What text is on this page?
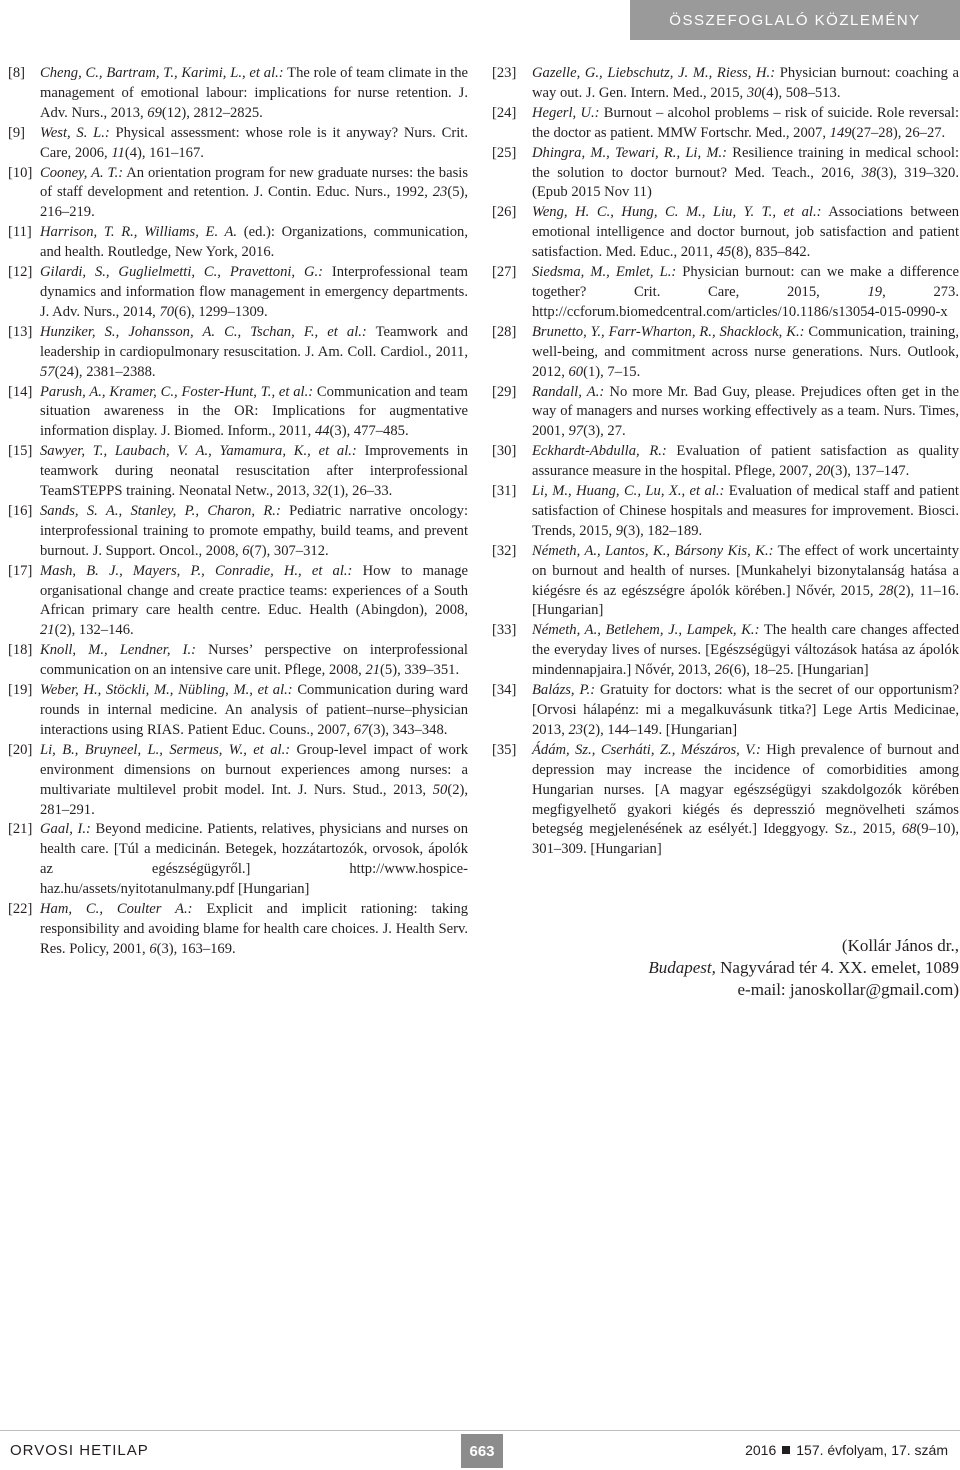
ÖSSZEFOGLALÓ KÖZLEMÉNY
[8] Cheng, C., Bartram, T., Karimi, L., et al.: The role of team climate in the management of emotional labour: implications for nurse retention. J. Adv. Nurs., 2013, 69(12), 2812–2825.
[9] West, S. L.: Physical assessment: whose role is it anyway? Nurs. Crit. Care, 2006, 11(4), 161–167.
[10] Cooney, A. T.: An orientation program for new graduate nurses: the basis of staff development and retention. J. Contin. Educ. Nurs., 1992, 23(5), 216–219.
[11] Harrison, T. R., Williams, E. A. (ed.): Organizations, communication, and health. Routledge, New York, 2016.
[12] Gilardi, S., Guglielmetti, C., Pravettoni, G.: Interprofessional team dynamics and information flow management in emergency departments. J. Adv. Nurs., 2014, 70(6), 1299–1309.
[13] Hunziker, S., Johansson, A. C., Tschan, F., et al.: Teamwork and leadership in cardiopulmonary resuscitation. J. Am. Coll. Cardiol., 2011, 57(24), 2381–2388.
[14] Parush, A., Kramer, C., Foster-Hunt, T., et al.: Communication and team situation awareness in the OR: Implications for augmentative information display. J. Biomed. Inform., 2011, 44(3), 477–485.
[15] Sawyer, T., Laubach, V. A., Yamamura, K., et al.: Improvements in teamwork during neonatal resuscitation after interprofessional TeamSTEPPS training. Neonatal Netw., 2013, 32(1), 26–33.
[16] Sands, S. A., Stanley, P., Charon, R.: Pediatric narrative oncology: interprofessional training to promote empathy, build teams, and prevent burnout. J. Support. Oncol., 2008, 6(7), 307–312.
[17] Mash, B. J., Mayers, P., Conradie, H., et al.: How to manage organisational change and create practice teams: experiences of a South African primary care health centre. Educ. Health (Abingdon), 2008, 21(2), 132–146.
[18] Knoll, M., Lendner, I.: Nurses’ perspective on interprofessional communication on an intensive care unit. Pflege, 2008, 21(5), 339–351.
[19] Weber, H., Stöckli, M., Nübling, M., et al.: Communication during ward rounds in internal medicine. An analysis of patient–nurse–physician interactions using RIAS. Patient Educ. Couns., 2007, 67(3), 343–348.
[20] Li, B., Bruyneel, L., Sermeus, W., et al.: Group-level impact of work environment dimensions on burnout experiences among nurses: a multivariate multilevel probit model. Int. J. Nurs. Stud., 2013, 50(2), 281–291.
[21] Gaal, I.: Beyond medicine. Patients, relatives, physicians and nurses on health care. [Túl a medicinán. Betegek, hozzátartozók, orvosok, ápolók az egészségügyről.] http://www.hospice-haz.hu/assets/nyitotanulmany.pdf [Hungarian]
[22] Ham, C., Coulter A.: Explicit and implicit rationing: taking responsibility and avoiding blame for health care choices. J. Health Serv. Res. Policy, 2001, 6(3), 163–169.
[23] Gazelle, G., Liebschutz, J. M., Riess, H.: Physician burnout: coaching a way out. J. Gen. Intern. Med., 2015, 30(4), 508–513.
[24] Hegerl, U.: Burnout – alcohol problems – risk of suicide. Role reversal: the doctor as patient. MMW Fortschr. Med., 2007, 149(27–28), 26–27.
[25] Dhingra, M., Tewari, R., Li, M.: Resilience training in medical school: the solution to doctor burnout? Med. Teach., 2016, 38(3), 319–320. (Epub 2015 Nov 11)
[26] Weng, H. C., Hung, C. M., Liu, Y. T., et al.: Associations between emotional intelligence and doctor burnout, job satisfaction and patient satisfaction. Med. Educ., 2011, 45(8), 835–842.
[27] Siedsma, M., Emlet, L.: Physician burnout: can we make a difference together? Crit. Care, 2015, 19, 273. http://ccforum.biomedcentral.com/articles/10.1186/s13054-015-0990-x
[28] Brunetto, Y., Farr-Wharton, R., Shacklock, K.: Communication, training, well-being, and commitment across nurse generations. Nurs. Outlook, 2012, 60(1), 7–15.
[29] Randall, A.: No more Mr. Bad Guy, please. Prejudices often get in the way of managers and nurses working effectively as a team. Nurs. Times, 2001, 97(3), 27.
[30] Eckhardt-Abdulla, R.: Evaluation of patient satisfaction as quality assurance measure in the hospital. Pflege, 2007, 20(3), 137–147.
[31] Li, M., Huang, C., Lu, X., et al.: Evaluation of medical staff and patient satisfaction of Chinese hospitals and measures for improvement. Biosci. Trends, 2015, 9(3), 182–189.
[32] Németh, A., Lantos, K., Bársony Kis, K.: The effect of work uncertainty on burnout and health of nurses. [Munkahelyi bizonytalanság hatása a kiégésre és az egészségre ápolók körében.] Nővér, 2015, 28(2), 11–16. [Hungarian]
[33] Németh, A., Betlehem, J., Lampek, K.: The health care changes affected the everyday lives of nurses. [Egészségügyi változások hatása az ápolók mindennapjaira.] Nővér, 2013, 26(6), 18–25. [Hungarian]
[34] Balázs, P.: Gratuity for doctors: what is the secret of our opportunism? [Orvosi hálapénz: mi a megalkuvásunk titka?] Lege Artis Medicinae, 2013, 23(2), 144–149. [Hungarian]
[35] Ádám, Sz., Cserháti, Z., Mészáros, V.: High prevalence of burnout and depression may increase the incidence of comorbidities among Hungarian nurses. [A magyar egészségügyi szakdolgozók körében megfigyelhető gyakori kiégés és depresszió megnövelheti számos betegség megjelenésének az esélyét.] Ideggyogy. Sz., 2015, 68(9–10), 301–309. [Hungarian]
(Kollár János dr.,
Budapest, Nagyvárad tér 4. XX. emelet, 1089
e-mail: janoskollar@gmail.com)
ORVOSI HETILAP	663	2016 157. évfolyam, 17. szám
